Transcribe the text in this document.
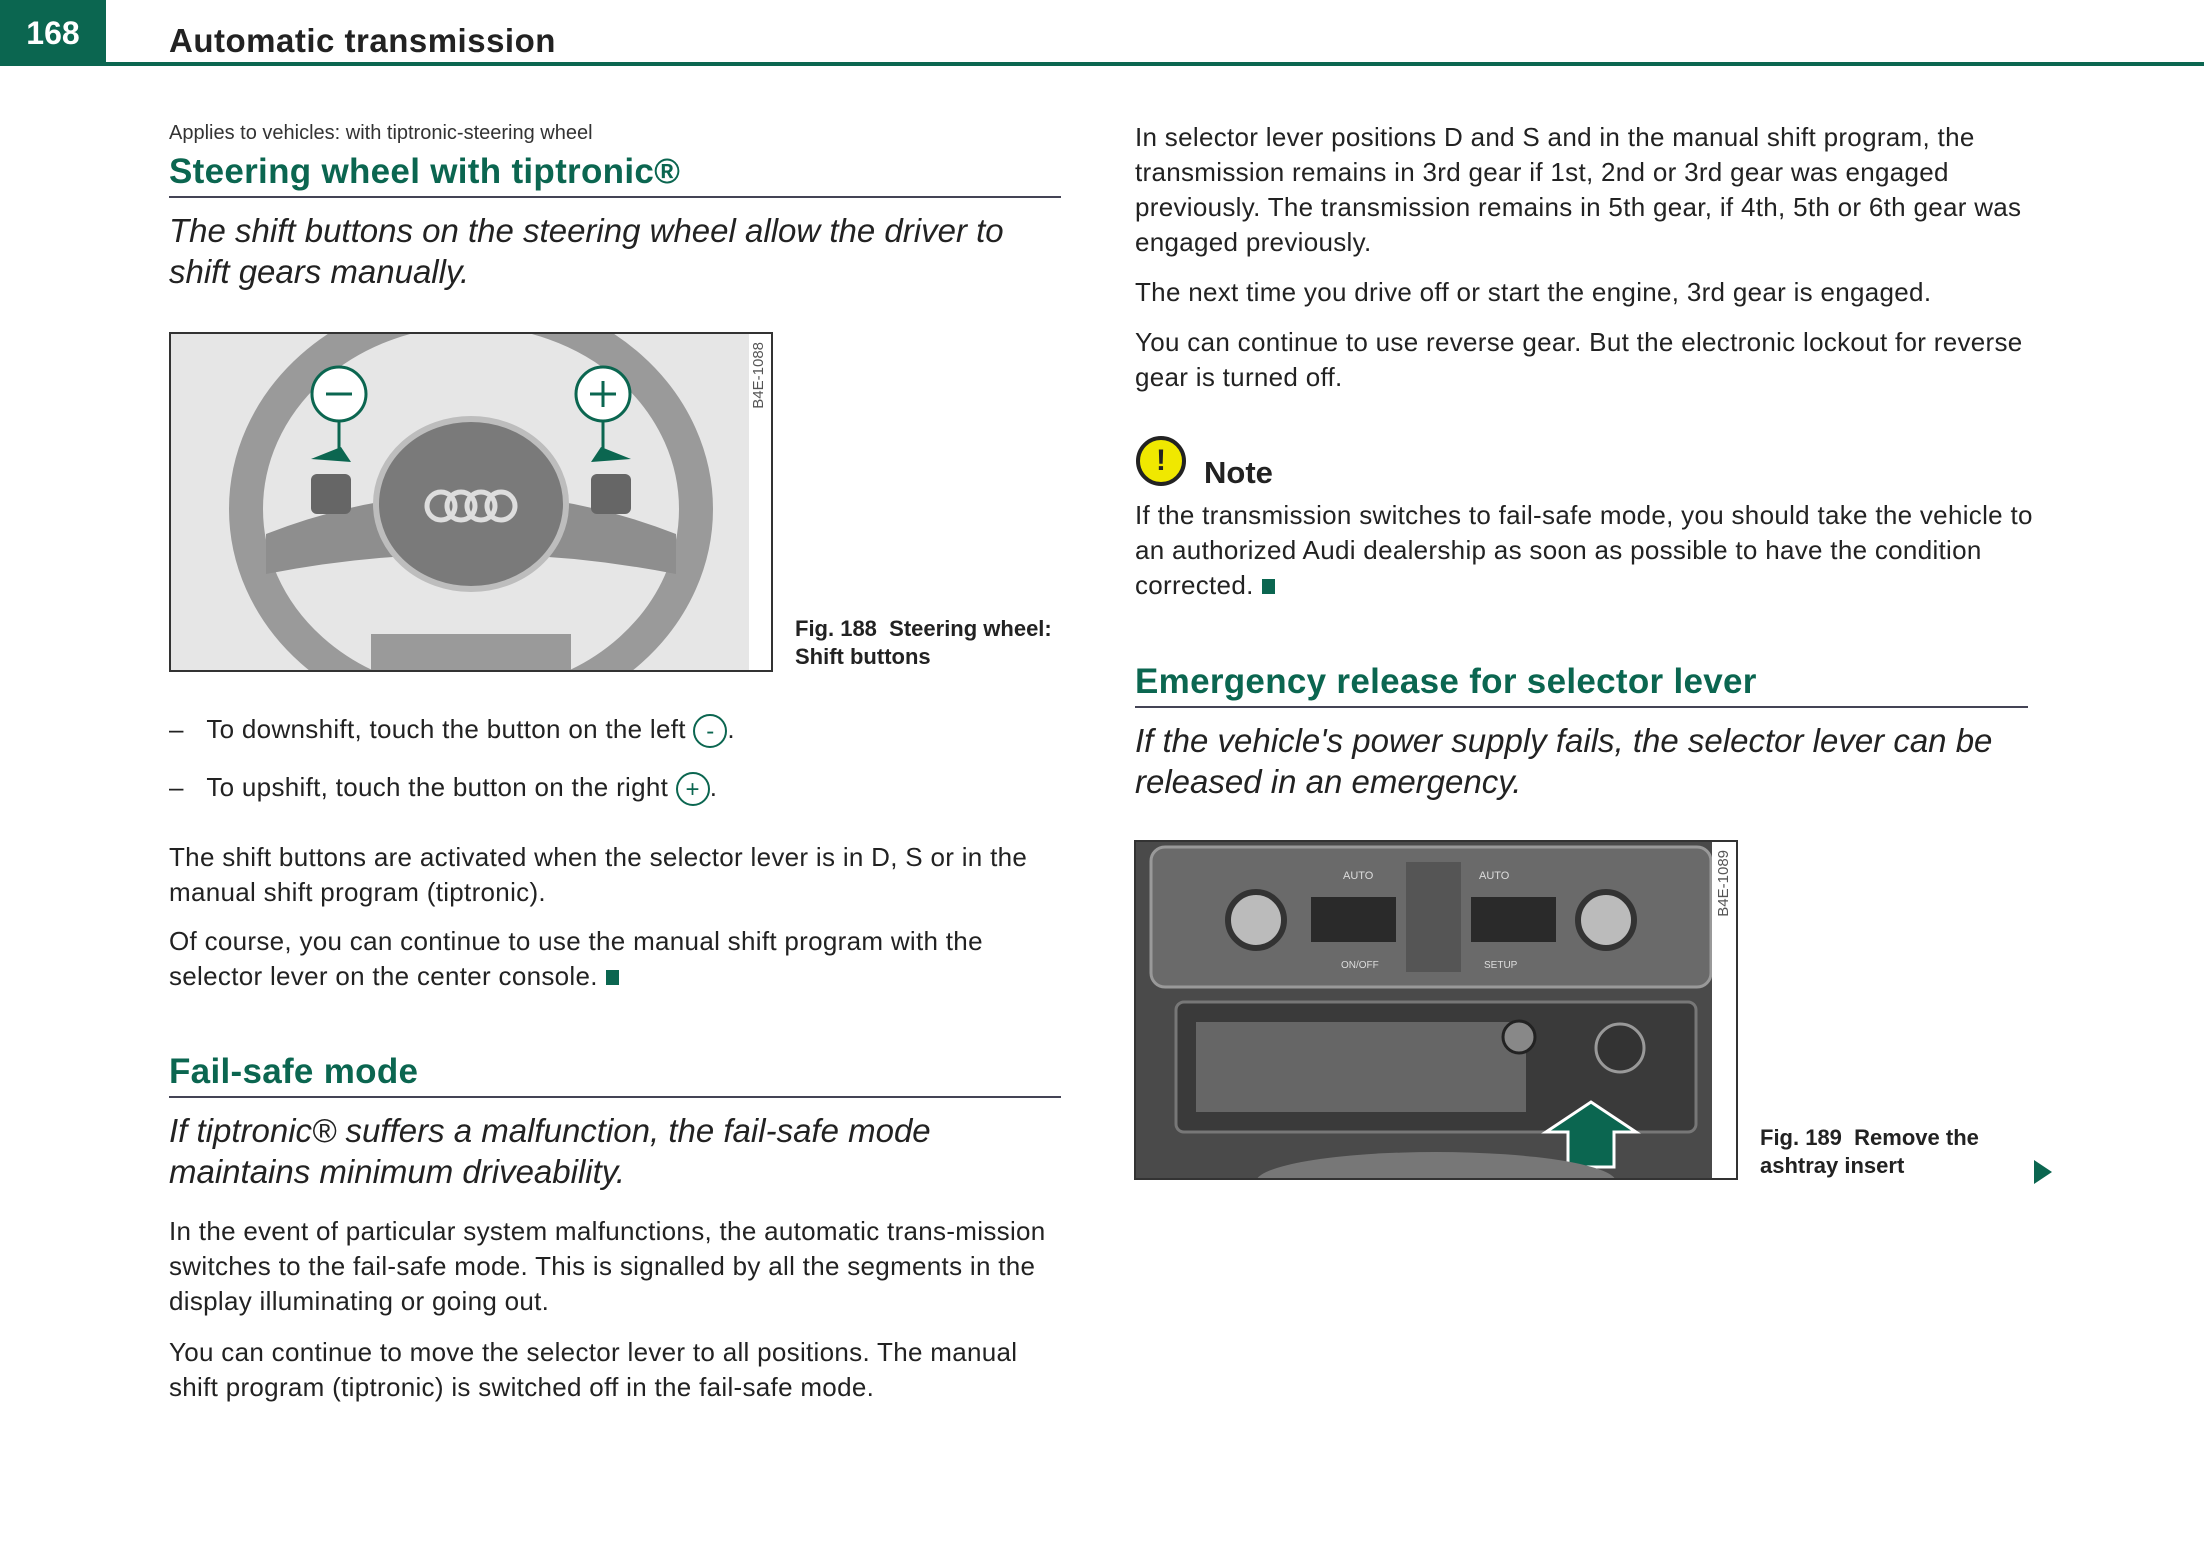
168	Automatic transmission
Applies to vehicles: with tiptronic-steering wheel
Steering wheel with tiptronic®
The shift buttons on the steering wheel allow the driver to shift gears manually.
B4E-1088
Fig. 188 Steering wheel: Shift buttons
– To downshift, touch the button on the left - .
– To upshift, touch the button on the right + .
The shift buttons are activated when the selector lever is in D, S or in the manual shift program (tiptronic).
Of course, you can continue to use the manual shift program with the selector lever on the center console.
Fail-safe mode
If tiptronic® suffers a malfunction, the fail-safe mode maintains minimum driveability.
In the event of particular system malfunctions, the automatic trans-mission switches to the fail-safe mode. This is signalled by all the segments in the display illuminating or going out.
You can continue to move the selector lever to all positions. The manual shift program (tiptronic) is switched off in the fail-safe mode.
In selector lever positions D and S and in the manual shift program, the transmission remains in 3rd gear if 1st, 2nd or 3rd gear was engaged previously. The transmission remains in 5th gear, if 4th, 5th or 6th gear was engaged previously.
The next time you drive off or start the engine, 3rd gear is engaged.
You can continue to use reverse gear. But the electronic lockout for reverse gear is turned off.
!	Note
If the transmission switches to fail-safe mode, you should take the vehicle to an authorized Audi dealership as soon as possible to have the condition corrected.
Emergency release for selector lever
If the vehicle's power supply fails, the selector lever can be released in an emergency.
AUTO	AUTO
ON/OFF	SETUP
B4E-1089
Fig. 189 Remove the ashtray insert
